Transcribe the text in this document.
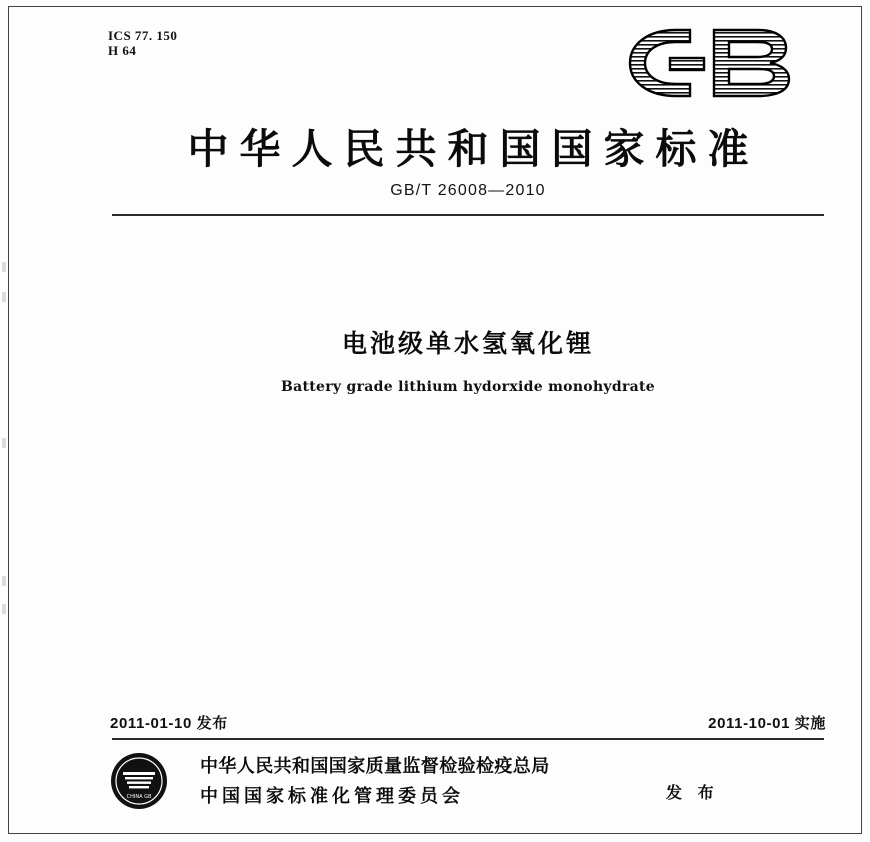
ICS 77. 150
H 64
中华人民共和国国家标准
GB/T 26008—2010
电池级单水氢氧化锂
Battery grade lithium hydorxide monohydrate
2011-01-10 发布	2011-10-01 实施
CHINA GB
中华人民共和国国家质量监督检验检疫总局
中国国家标准化管理委员会	发 布
